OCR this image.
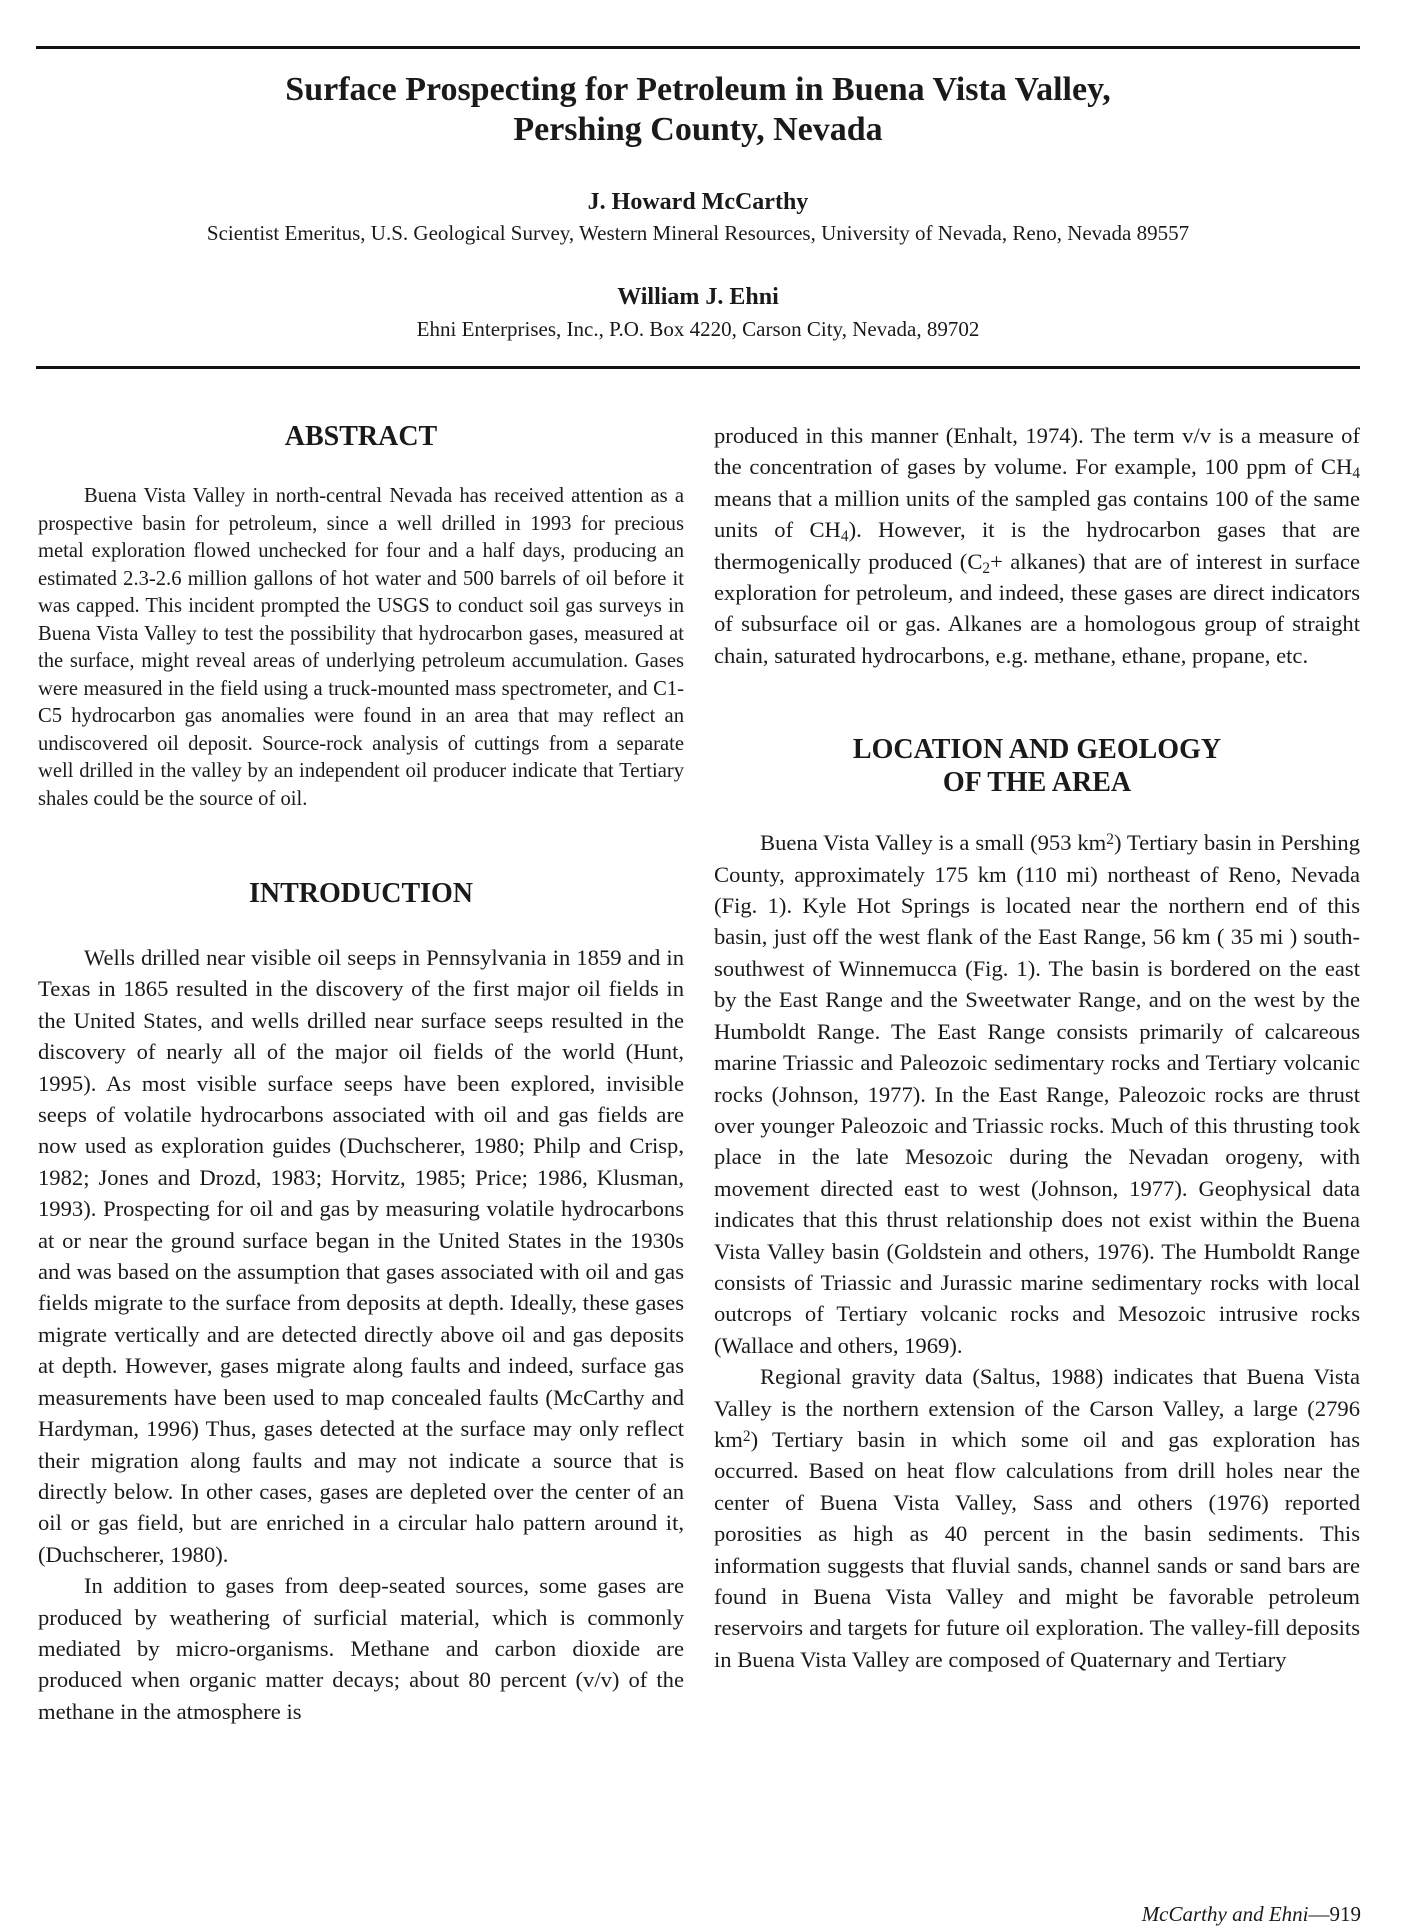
Surface Prospecting for Petroleum in Buena Vista Valley,
Pershing County, Nevada

J. Howard McCarthy

Scientist Emeritus, U.S. Geological Survey, Western Mineral Resources, University of Nevada, Reno, Nevada 89557

William J. Ehni

Ehni Enterprises, Inc., P.O. Box 4220, Carson City, Nevada, 89702

ABSTRACT

Buena Vista Valley in north-central Nevada has received attention as a prospective basin for petroleum, since a well drilled in 1993 for precious metal exploration flowed unchecked for four and a half days, producing an estimated 2.3-2.6 million gallons of hot water and 500 barrels of oil before it was capped. This incident prompted the USGS to conduct soil gas surveys in Buena Vista Valley to test the possibility that hydrocarbon gases, measured at the surface, might reveal areas of underlying petroleum accumulation. Gases were measured in the field using a truck-mounted mass spectrometer, and C1-C5 hydrocarbon gas anomalies were found in an area that may reflect an undiscovered oil deposit. Source-rock analysis of cuttings from a separate well drilled in the valley by an independent oil producer indicate that Tertiary shales could be the source of oil.

INTRODUCTION

Wells drilled near visible oil seeps in Pennsylvania in 1859 and in Texas in 1865 resulted in the discovery of the first major oil fields in the United States, and wells drilled near surface seeps resulted in the discovery of nearly all of the major oil fields of the world (Hunt, 1995). As most visible surface seeps have been explored, invisible seeps of volatile hydrocarbons associated with oil and gas fields are now used as exploration guides (Duchscherer, 1980; Philp and Crisp, 1982; Jones and Drozd, 1983; Horvitz, 1985; Price; 1986, Klusman, 1993). Prospecting for oil and gas by measuring volatile hydrocarbons at or near the ground surface began in the United States in the 1930s and was based on the assumption that gases associated with oil and gas fields migrate to the surface from deposits at depth. Ideally, these gases migrate vertically and are detected directly above oil and gas deposits at depth. However, gases migrate along faults and indeed, surface gas measurements have been used to map concealed faults (McCarthy and Hardyman, 1996) Thus, gases detected at the surface may only reflect their migration along faults and may not indicate a source that is directly below. In other cases, gases are depleted over the center of an oil or gas field, but are enriched in a circular halo pattern around it, (Duchscherer, 1980).

In addition to gases from deep-seated sources, some gases are produced by weathering of surficial material, which is commonly mediated by micro-organisms. Methane and carbon dioxide are produced when organic matter decays; about 80 percent (v/v) of the methane in the atmosphere is

produced in this manner (Enhalt, 1974). The term v/v is a measure of the concentration of gases by volume. For example, 100 ppm of $CH_4$ means that a million units of the sampled gas contains 100 of the same units of $CH_4$). However, it is the hydrocarbon gases that are thermogenically produced ($C_2+$ alkanes) that are of interest in surface exploration for petroleum, and indeed, these gases are direct indicators of subsurface oil or gas. Alkanes are a homologous group of straight chain, saturated hydrocarbons, e.g. methane, ethane, propane, etc.

LOCATION AND GEOLOGY
OF THE AREA

Buena Vista Valley is a small (953 $km^2$) Tertiary basin in Pershing County, approximately 175 km (110 mi) northeast of Reno, Nevada (Fig. 1). Kyle Hot Springs is located near the northern end of this basin, just off the west flank of the East Range, 56 km ( 35 mi ) south-southwest of Winnemucca (Fig. 1). The basin is bordered on the east by the East Range and the Sweetwater Range, and on the west by the Humboldt Range. The East Range consists primarily of calcareous marine Triassic and Paleozoic sedimentary rocks and Tertiary volcanic rocks (Johnson, 1977). In the East Range, Paleozoic rocks are thrust over younger Paleozoic and Triassic rocks. Much of this thrusting took place in the late Mesozoic during the Nevadan orogeny, with movement directed east to west (Johnson, 1977). Geophysical data indicates that this thrust relationship does not exist within the Buena Vista Valley basin (Goldstein and others, 1976). The Humboldt Range consists of Triassic and Jurassic marine sedimentary rocks with local outcrops of Tertiary volcanic rocks and Mesozoic intrusive rocks (Wallace and others, 1969).

Regional gravity data (Saltus, 1988) indicates that Buena Vista Valley is the northern extension of the Carson Valley, a large (2796 $km^2$) Tertiary basin in which some oil and gas exploration has occurred. Based on heat flow calculations from drill holes near the center of Buena Vista Valley, Sass and others (1976) reported porosities as high as 40 percent in the basin sediments. This information suggests that fluvial sands, channel sands or sand bars are found in Buena Vista Valley and might be favorable petroleum reservoirs and targets for future oil exploration. The valley-fill deposits in Buena Vista Valley are composed of Quaternary and Tertiary

McCarthy and Ehni—919
